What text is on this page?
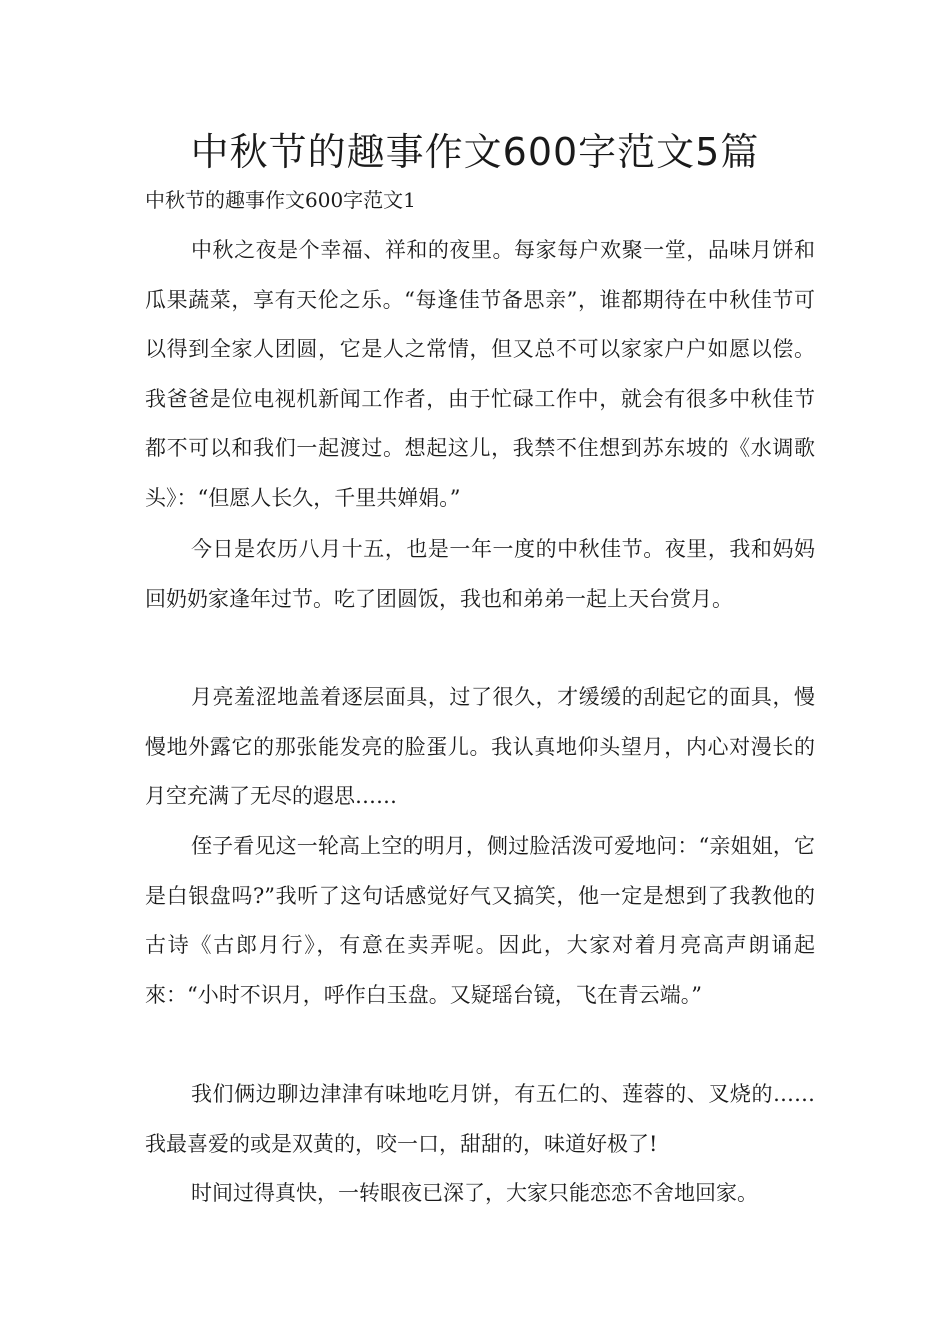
中秋节的趣事作文600字范文5篇

中秋节的趣事作文600字范文1

中秋之夜是个幸福、祥和的夜里。每家每户欢聚一堂，品味月饼和瓜果蔬菜，享有天伦之乐。“每逢佳节备思亲”，谁都期待在中秋佳节可以得到全家人团圆，它是人之常情，但又总不可以家家户户如愿以偿。我爸爸是位电视机新闻工作者，由于忙碌工作中，就会有很多中秋佳节都不可以和我们一起渡过。想起这儿，我禁不住想到苏东坡的《水调歌头》：“但愿人长久，千里共婵娟。”

今日是农历八月十五，也是一年一度的中秋佳节。夜里，我和妈妈回奶奶家逢年过节。吃了团圆饭，我也和弟弟一起上天台赏月。

月亮羞涩地盖着逐层面具，过了很久，才缓缓的刮起它的面具，慢慢地外露它的那张能发亮的脸蛋儿。我认真地仰头望月，内心对漫长的月空充满了无尽的遐思……

侄子看见这一轮高上空的明月，侧过脸活泼可爱地问：“亲姐姐，它是白银盘吗?”我听了这句话感觉好气又搞笑，他一定是想到了我教他的古诗《古郎月行》，有意在卖弄呢。因此，大家对着月亮高声朗诵起來：“小时不识月，呼作白玉盘。又疑瑶台镜，飞在青云端。”

我们俩边聊边津津有味地吃月饼，有五仁的、莲蓉的、叉烧的……我最喜爱的或是双黄的，咬一口，甜甜的，味道好极了!

时间过得真快，一转眼夜已深了，大家只能恋恋不舍地回家。
